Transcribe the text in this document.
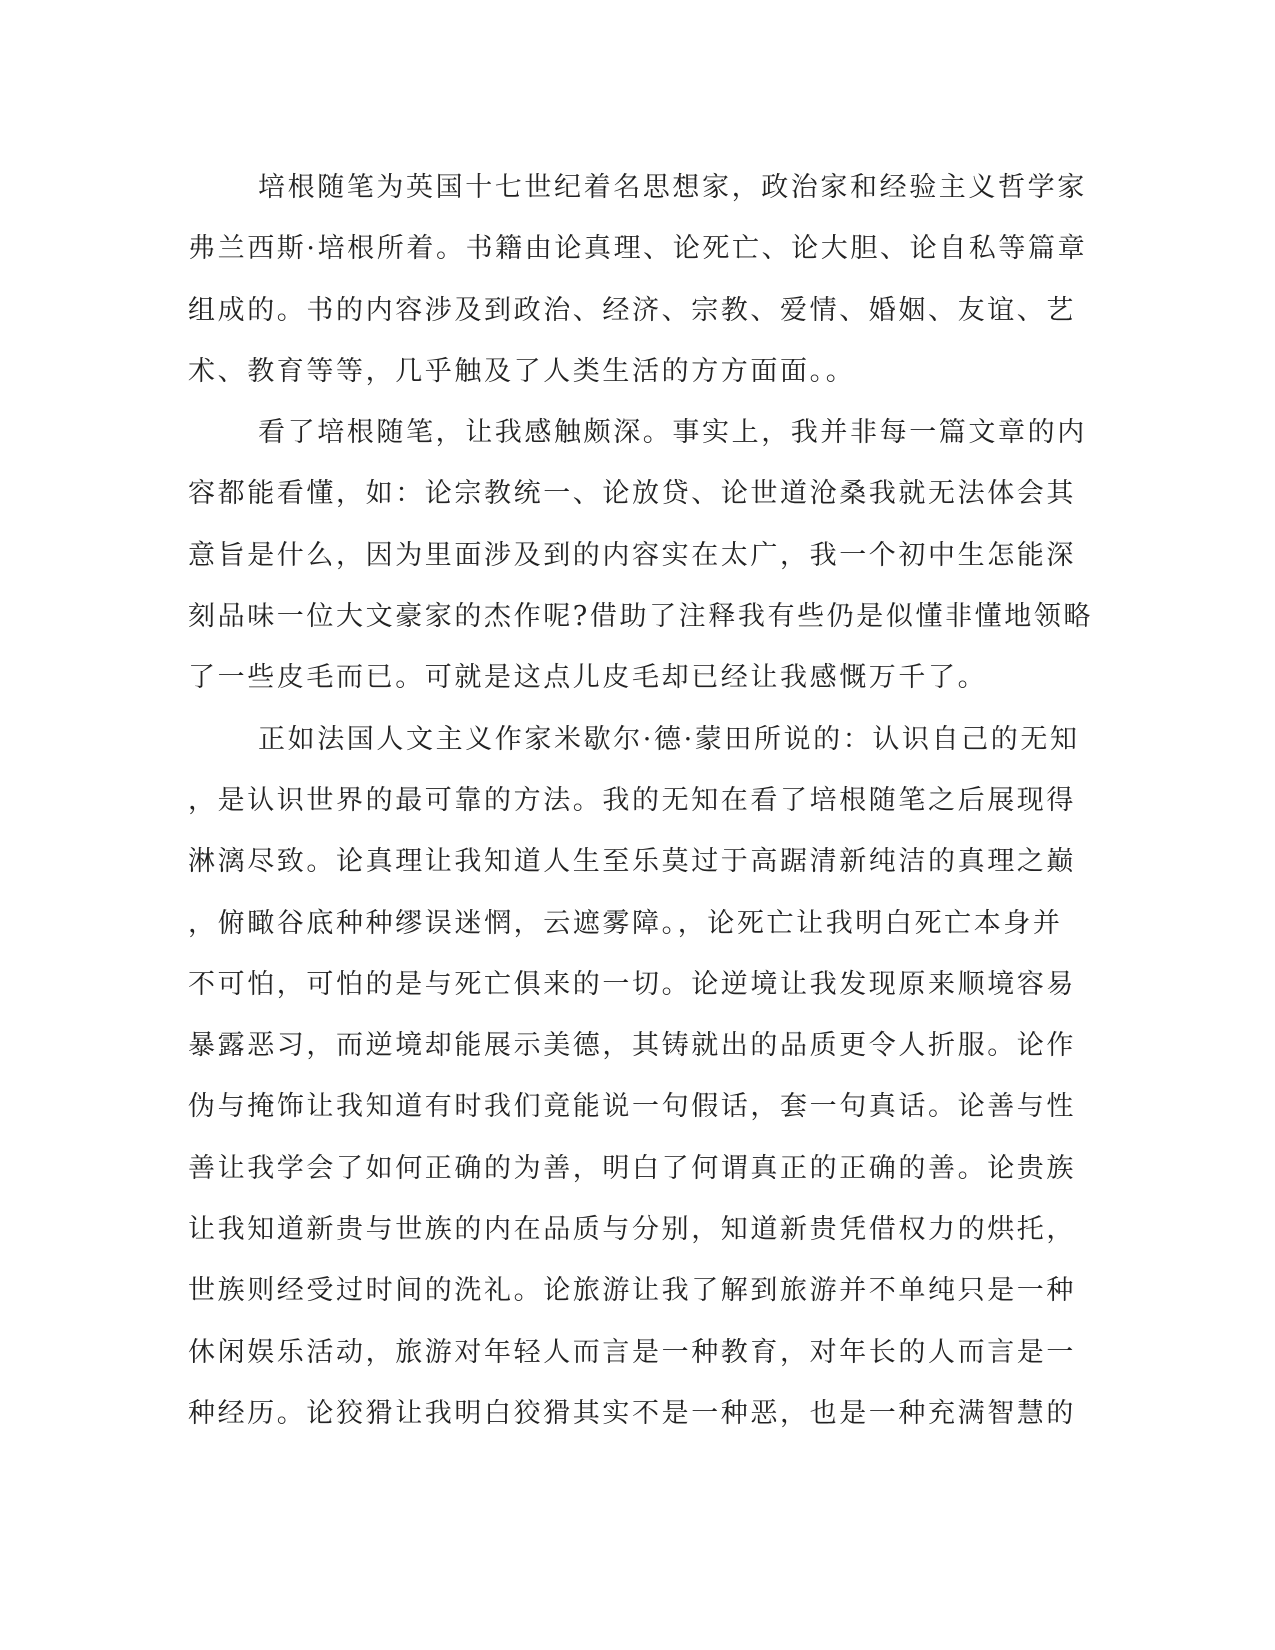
培根随笔为英国十七世纪着名思想家，政治家和经验主义哲学家
弗兰西斯·培根所着。书籍由论真理、论死亡、论大胆、论自私等篇章
组成的。书的内容涉及到政治、经济、宗教、爱情、婚姻、友谊、艺
术、教育等等，几乎触及了人类生活的方方面面。。
看了培根随笔，让我感触颇深。事实上，我并非每一篇文章的内
容都能看懂，如：论宗教统一、论放贷、论世道沧桑我就无法体会其
意旨是什么，因为里面涉及到的内容实在太广，我一个初中生怎能深
刻品味一位大文豪家的杰作呢?借助了注释我有些仍是似懂非懂地领略
了一些皮毛而已。可就是这点儿皮毛却已经让我感慨万千了。
正如法国人文主义作家米歇尔·德·蒙田所说的：认识自己的无知
，是认识世界的最可靠的方法。我的无知在看了培根随笔之后展现得
淋漓尽致。论真理让我知道人生至乐莫过于高踞清新纯洁的真理之巅
，俯瞰谷底种种缪误迷惘，云遮雾障。，论死亡让我明白死亡本身并
不可怕，可怕的是与死亡俱来的一切。论逆境让我发现原来顺境容易
暴露恶习，而逆境却能展示美德，其铸就出的品质更令人折服。论作
伪与掩饰让我知道有时我们竟能说一句假话，套一句真话。论善与性
善让我学会了如何正确的为善，明白了何谓真正的正确的善。论贵族
让我知道新贵与世族的内在品质与分别，知道新贵凭借权力的烘托，
世族则经受过时间的洗礼。论旅游让我了解到旅游并不单纯只是一种
休闲娱乐活动，旅游对年轻人而言是一种教育，对年长的人而言是一
种经历。论狡猾让我明白狡猾其实不是一种恶，也是一种充满智慧的
